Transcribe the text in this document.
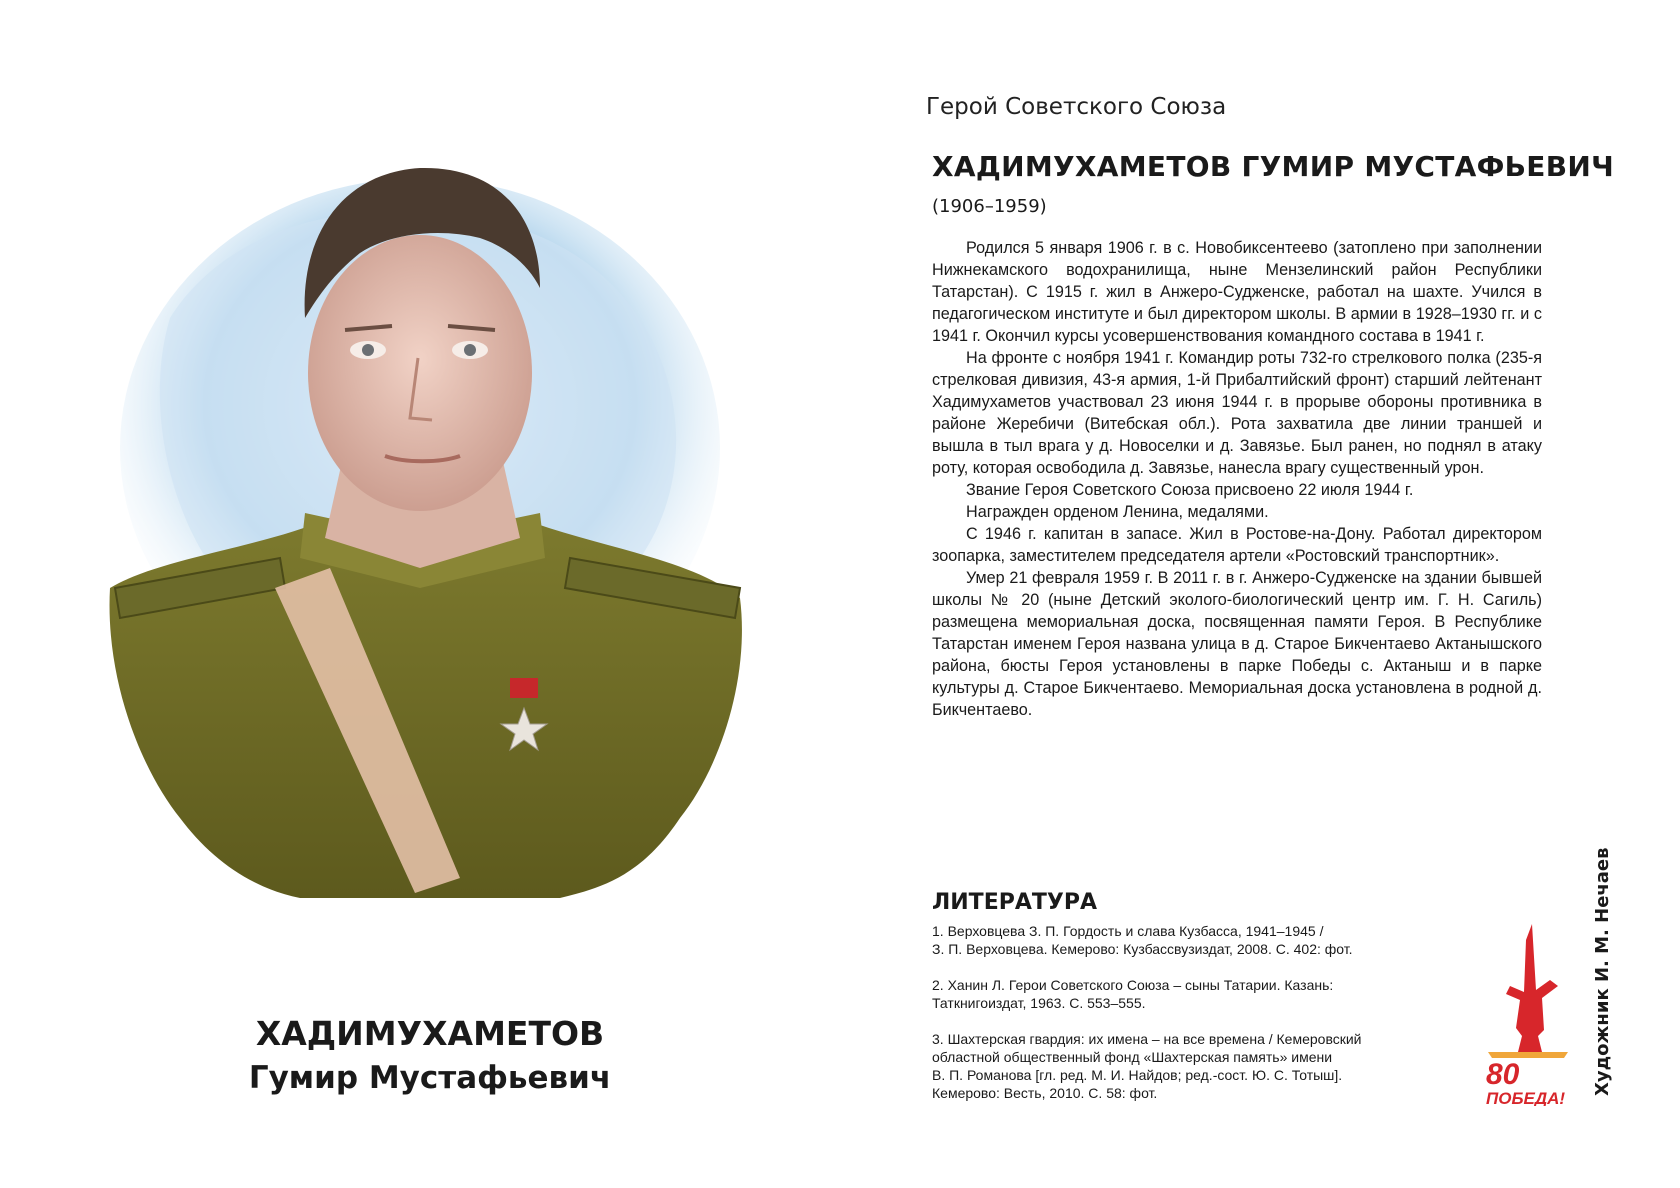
ХАДИМУХАМЕТОВ
Гумир Мустафьевич
Герой Советского Союза
ХАДИМУХАМЕТОВ ГУМИР МУСТАФЬЕВИЧ
(1906–1959)

Родился 5 января 1906 г. в с. Новобиксентеево (затоплено при заполнении Нижнекамского водохранилища, ныне Мензелинский район Республики Татарстан). С 1915 г. жил в Анжеро-Судженске, работал на шахте. Учился в педагогическом институте и был директором школы. В армии в 1928–1930 гг. и с 1941 г. Окончил курсы усовершенствования командного состава в 1941 г.

На фронте с ноября 1941 г. Командир роты 732-го стрелкового полка (235-я стрелковая дивизия, 43-я армия, 1-й Прибалтийский фронт) старший лейтенант Хадимухаметов участвовал 23 июня 1944 г. в прорыве обороны противника в районе Жеребичи (Витебская обл.). Рота захватила две линии траншей и вышла в тыл врага у д. Новоселки и д. Завязье. Был ранен, но поднял в атаку роту, которая освободила д. Завязье, нанесла врагу существенный урон.

Звание Героя Советского Союза присвоено 22 июля 1944 г.

Награжден орденом Ленина, медалями.

С 1946 г. капитан в запасе. Жил в Ростове-на-Дону. Работал директором зоопарка, заместителем председателя артели «Ростовский транспортник».

Умер 21 февраля 1959 г. В 2011 г. в г. Анжеро-Судженске на здании бывшей школы № 20 (ныне Детский эколого-биологический центр им. Г. Н. Сагиль) размещена мемориальная доска, посвященная памяти Героя. В Республике Татарстан именем Героя названа улица в д. Старое Бикчентаево Актанышского района, бюсты Героя установлены в парке Победы с. Актаныш и в парке культуры д. Старое Бикчентаево. Мемориальная доска установлена в родной д. Бикчентаево.

ЛИТЕРАТУРА
1. Верховцева З. П. Гордость и слава Кузбасса, 1941–1945 /
З. П. Верховцева. Кемерово: Кузбассвузиздат, 2008. С. 402: фот.
2. Ханин Л. Герои Советского Союза – сыны Татарии. Казань:
Таткнигоиздат, 1963. С. 553–555.
3. Шахтерская гвардия: их имена – на все времена / Кемеровский
областной общественный фонд «Шахтерская память» имени
В. П. Романова [гл. ред. М. И. Найдов; ред.-сост. Ю. С. Тотыш].
Кемерово: Весть, 2010. С. 58: фот.
80
ПОБЕДА!
Художник И. М. Нечаев
